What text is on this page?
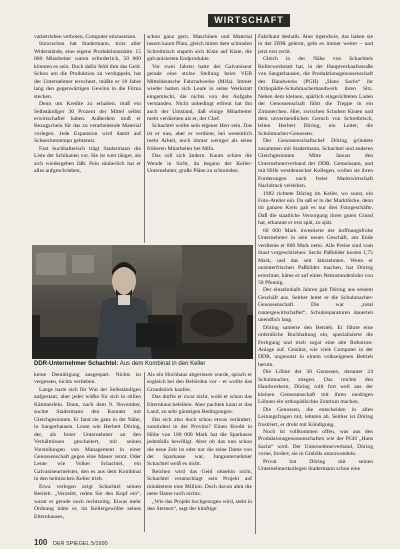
WIRTSCHAFT

vatbetrieben verboten, Computer einzusetzen.

Inzwischen hat Stadermann, trotz aller Widerstände, eine eigene Produktionsstätte. 15 000 Mitarbeiter waren erforderlich, 50 000 könnten es sein. Doch dafür fehlt ihm das Geld. Schon um die Produktion zu verdoppeln, hat der Unternehmer errechnet, müßte er 18 Jahre lang den gegenwärtigen Gewinn in die Firma stecken.

Denn um Kredite zu erhalten, muß ein Selbständiger 30 Prozent der Mittel selbst erwirtschaftet haben. Außerdem muß er Bezugschein für das zu verarbeitende Material vorlegen. Jede Expansion wird damit auf Schneckentempo gebremst.

Fast buchhalterisch trägt Stadermann die Liste der Schikanen vor. Sie ist weit länger, als sich wiedergeben läßt. Fein säuberlich hat er alles aufgeschrieben,

schon ganz gern. Maschinen und Material lassen kaum Platz, gleich hinter dem schmalen Schreibtisch stapeln sich Kiste auf Kiste, die galvanisierten Endprodukte.

Vor zwei Jahren hatte der Galvaniseur gerade eine stolze Stellung beim VEB Mitteldeutsche Fahrradwerke (Mifa). Immer wieder hatten sich Leute in seine Werkstatt eingemischt, die nichts von der Aufgabe verstanden. Nicht unbedingt erfreut hat ihn auch der Umstand, daß einige Mitarbeiter mehr verdienten als er, der Chef.

Schachtel wollte sein eigener Herr sein. Das ist er nun, aber er verdient, bei wesentlich mehr Arbeit, noch immer weniger als seine früheren Mitarbeiter bei Mifa.

Das soll sich ändern. Kaum schien die Wende in Sicht, da begann der Keller-Unternehmer, große Pläne zu schmieden.

Fabrikant deshalb. Aber irgendwie, das haben sie in der DDR gelernt, geht es immer weiter – und jetzt erst recht.

Gleich in der Nähe von Schachtels Kellerwerkstatt hat, in der Hauptverkaufsstraße von Sangerhausen, die Produktionsgenossenschaft des Handwerks (PGH) „Hans Sachs“ ihr Orthopädie-Schuhmacherhandwerk ihren Sitz. Neben dem kleinen, spärlich eingerichteten Laden der Genossenschaft führt die Treppe in ein Zimmerchen. Hier, zwischen Schuhen Kisten und dem unvermeidlichen Geruch von Schreibtisch, leiten Herbert Döring, ein Leiter, die Schuhmacher-Genossen.

Der Genossenschaftschef Döring gründete zusammen mit Stadermann, Schachtel und anderen Gleichgesinnten Mitte Januar den Unternehmerverband der DDR. Gemeinsam, und mit Hilfe westdeutscher Kollegen, wollen sie ihren Forderungen nach freier Marktwirtschaft Nachdruck verleihen.

1982 richtete Döring im Keller, wo sonst, ein Foto-Atelier ein. Da saß er in der Marktlücke, denn im ganzen Kreis gab es nur drei Fotogeschäfte. Daß die staatliche Versorgung ihren guten Grund hat, erkannte er erst spät, zu spät.

60 000 Mark investierte der hoffnungsfrohe Unternehmer in sein neues Geschäft, am Ende verdiente er 800 Mark netto. Alle Preise sind vom Staat vorgeschrieben: Sechs Paßbilder kosten 1,75 Mark, und das seit Jahrzehnten. Wenn er unsinterfrischen Paßbilder machen, hat Döring errechnet, käme er auf einen Nettostundenlohn von 50 Pfennig.

Der einzehnhalb Jahren gab Döring aus seinem Geschäft aus. Seither leitet er die Schuhmacher-Genossenschaft. Die war „total runtergewirtschaftet“, Schuhreparaturen dauerten unendlich lang.

Döring sanierte den Betrieb. Er führte eine ordentliche Buchhaltung ein, spezialisierte die Fertigung und trieb sogar eine alte Robotron-Anlage auf. Genützt, wie viele Computer in der DDR, ungenutzt in einem volkseigenen Betrieb herum.

Die Löhne der 30 Genossen, darunter 24 Schuhmacher, stiegen. Das reichte den Handwerkern, Döring rollt fort weil aus der kleinen Genossenschaft mit ihren niedrigen Löhnen ein orthopädisches Zentrum machen.

Die Genossen, die entscheiden in allen Leitungsfragen mit, lehnten ab. Seither ist Döring frustriert, er droht mit Kündigung.

Noch ist vollkommen offen, was aus den Produktionsgenossenschaften wie der PGH „Hans Sachs“ wird. Der Unternehmerverband, Döring vorne, fordert, sie in GmbHs umzuwandeln.

Privat hat Döring mit seinen Unternehmerkollegen Stadermann schon eine

DDR-Unternehmer Schachtel: Aus dem Kombinat in den Keller

keine Demütigung ausgespart. Nichts ist vergessen, nichts vertieben.

Lange harte sich für Wut der Selbständigen aufgestaut, aber jeder wüßte für sich in stillen Kämmerlein. Dann, nach dem 9. November, suchte Stadermann den Kontakt mit Gleichgesinnten. Er fand sie ganz in der Nähe, in Sangerhausen. Leute wie Herbert Döring, der, als freier Unternehmer an den Verhältnissen gescheitert, mit seinen Vorstellungen von Management in einer Genossenschaft gegen eine Mauer rennt. Oder Leute wie Volker Schachtel, ein Galvaniseurmeister, den es aus dem Kombinat in den heimischen Keller trieb.

Etwa verlegen zeigt Schachtel seinen Betrieb. „Verzeiht, reden Sie den Kopf ein“, warnt er gerade noch rechtzeitig. Etwas mehr Ordnung hätte er, im Kellergewölbe seines Elternhauses,

Als ein Hochhaus abgerissen wurde, sprach er sogleich bei den Behörden vor – er wollte das Grundstück kaufen.

Das durfte er zwar nicht, wohl er schon das Elternhaus beleihen. Aber pachten kann er das Land, zu sehr günstigen Bedingungen.

Hat sich also doch schon etwas verändert, zumindest in der Provinz? Einen Kredit in Höhe von 100 000 Mark hat die Sparkasse jedenfalls bewilligt. Aber ob das nun schon die neue Zeit ist oder nur die reine Dame von der Sparkasse war, Jungunternehmer Schachtel weiß es nicht.

Reichen wird das Geld ohnehin nicht, Schachtel veranschlagt sein Projekt auf mindestens eine Million. Doch davon ahnt die nette Dame noch nichts.

„Wie das Projekt hochgezogen wird, steht in den Sternen“, sagt der künftige

100 DER SPIEGEL 5/1990
